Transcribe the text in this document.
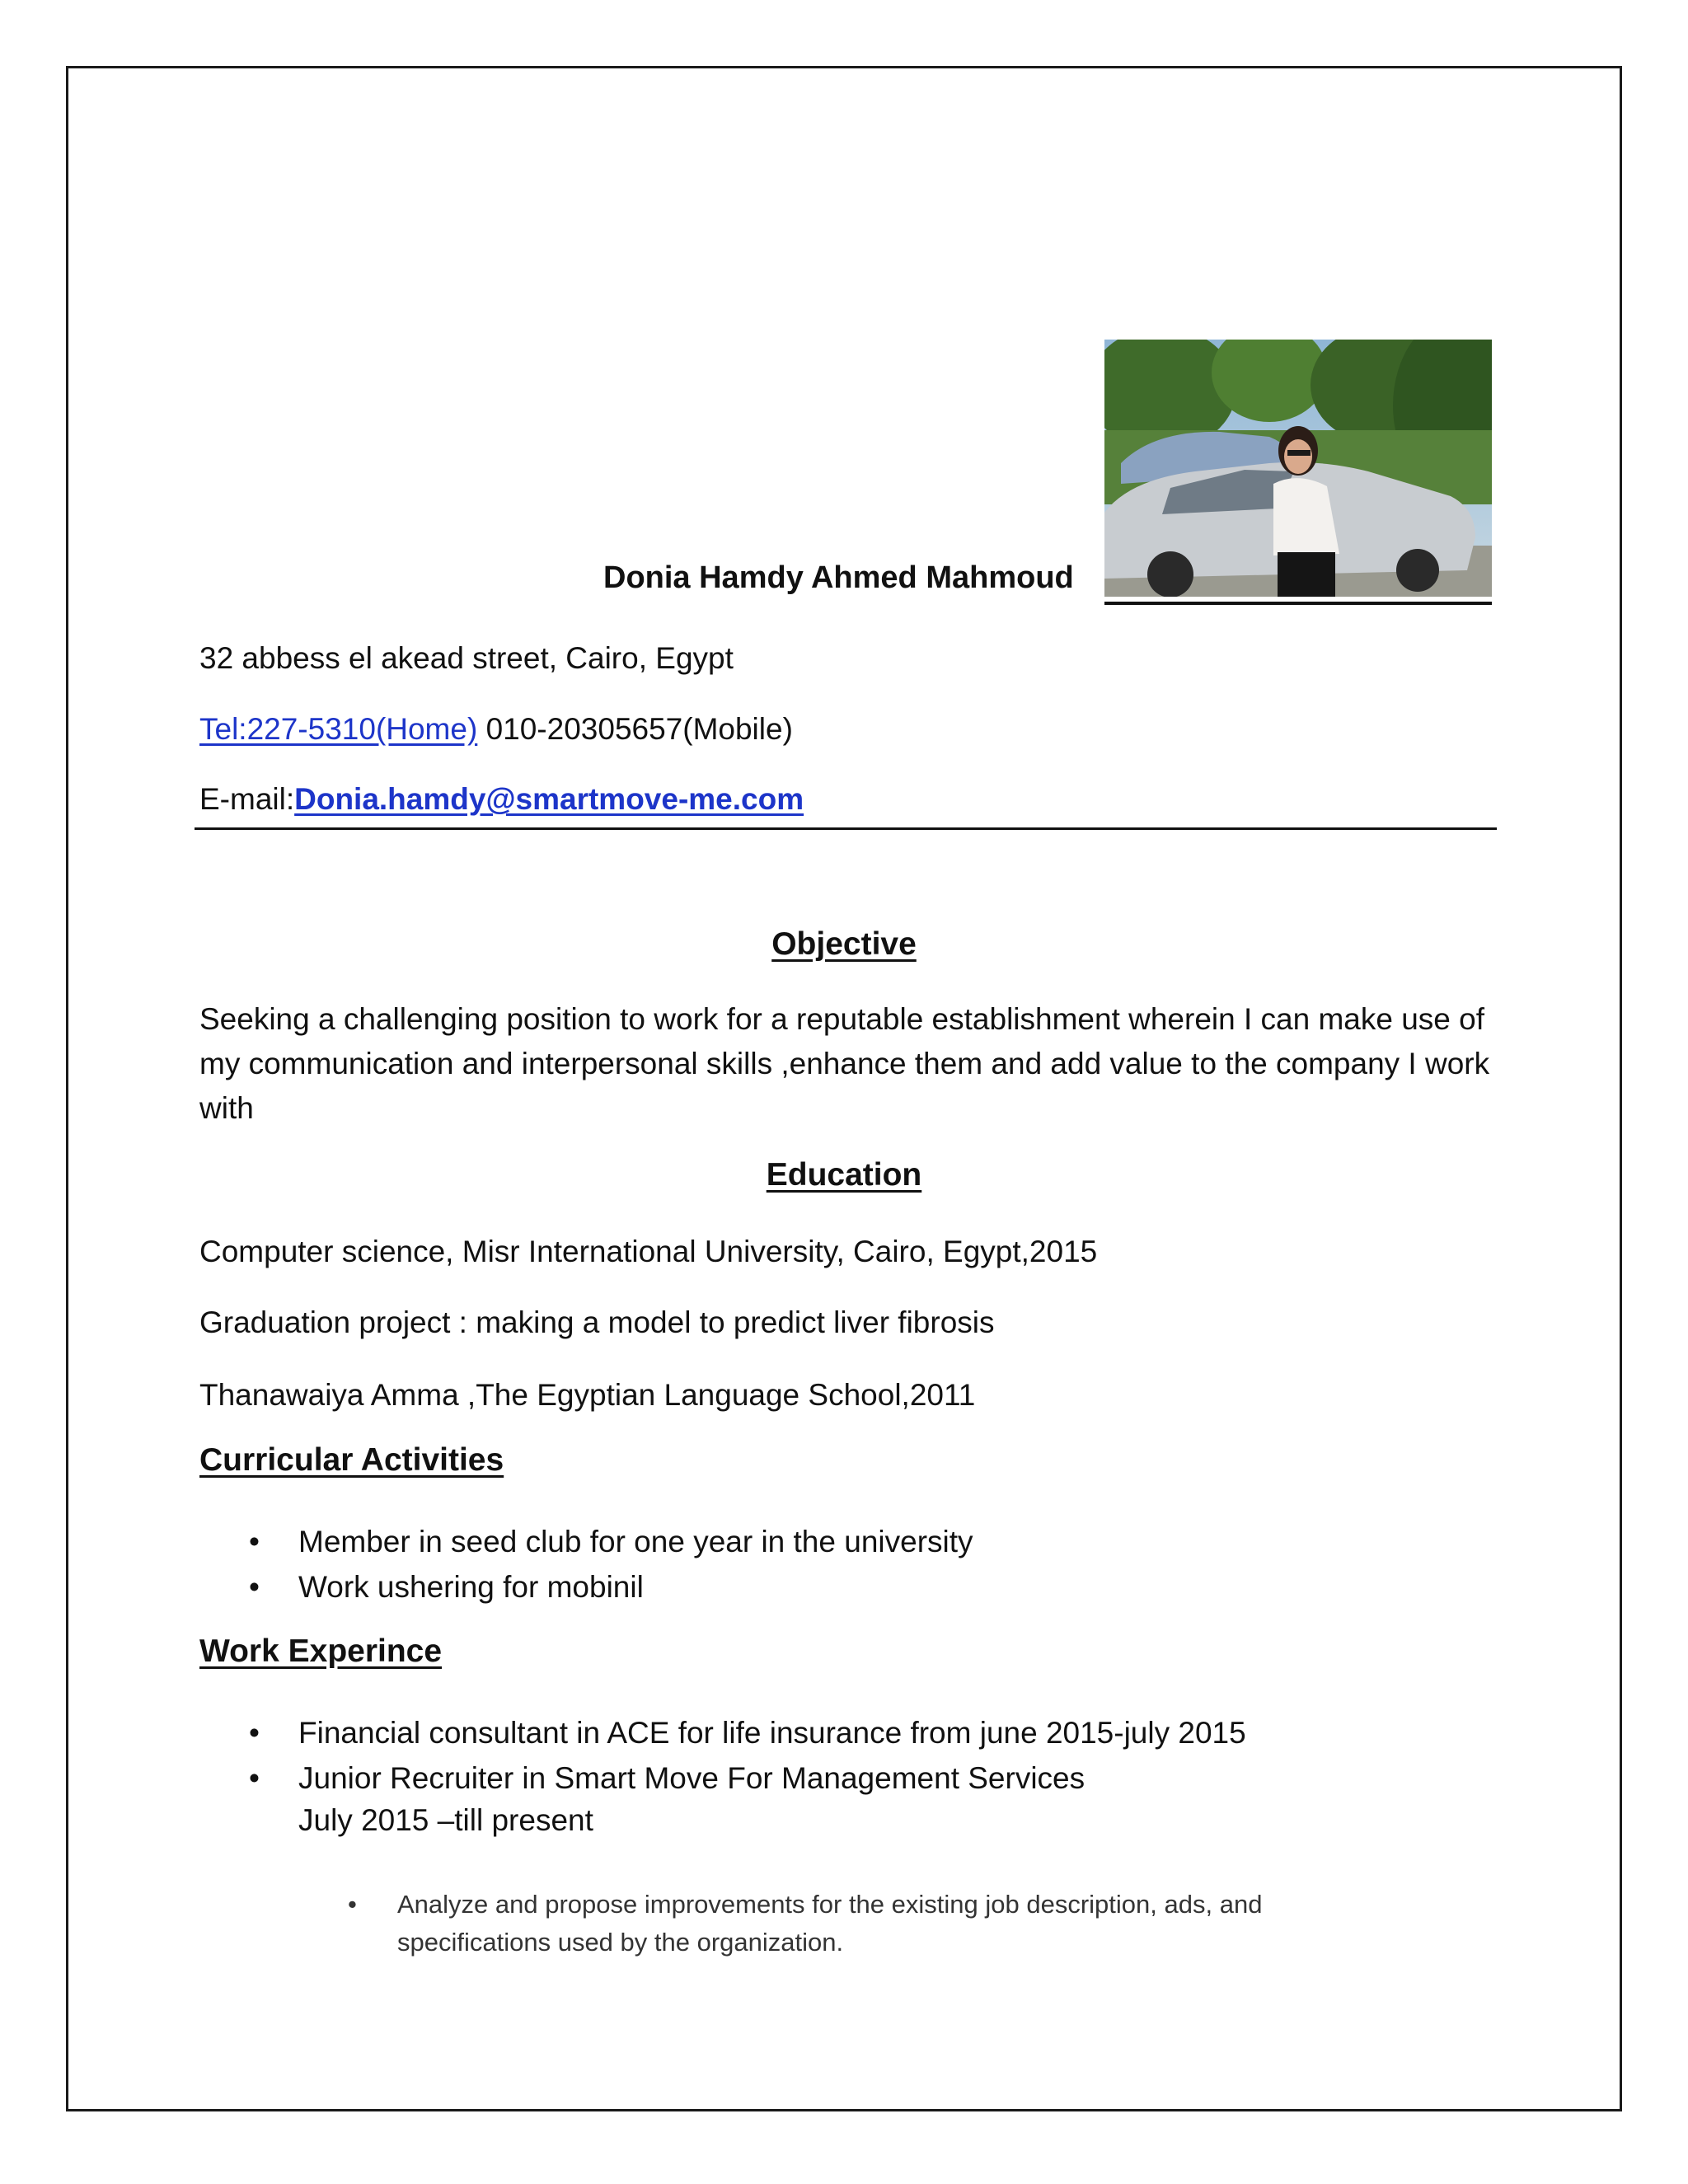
Donia Hamdy Ahmed Mahmoud
32 abbess el akead street, Cairo, Egypt
Tel:227-5310(Home) 010-20305657(Mobile)
E-mail:Donia.hamdy@smartmove-me.com
Objective
Seeking a challenging position to work for a reputable establishment wherein I can make use of my communication and interpersonal skills ,enhance them and add value to the company I work with
Education
Computer science, Misr International University, Cairo, Egypt,2015
Graduation project : making a model to predict liver fibrosis
Thanawaiya Amma ,The Egyptian Language School,2011
Curricular Activities
• Member in seed club for one year in the university
• Work ushering for mobinil
Work Experince
• Financial consultant in ACE for life insurance from june 2015-july 2015
• Junior Recruiter in Smart Move For Management Services
July 2015 –till present
• Analyze and propose improvements for the existing job description, ads, and
specifications used by the organization.
